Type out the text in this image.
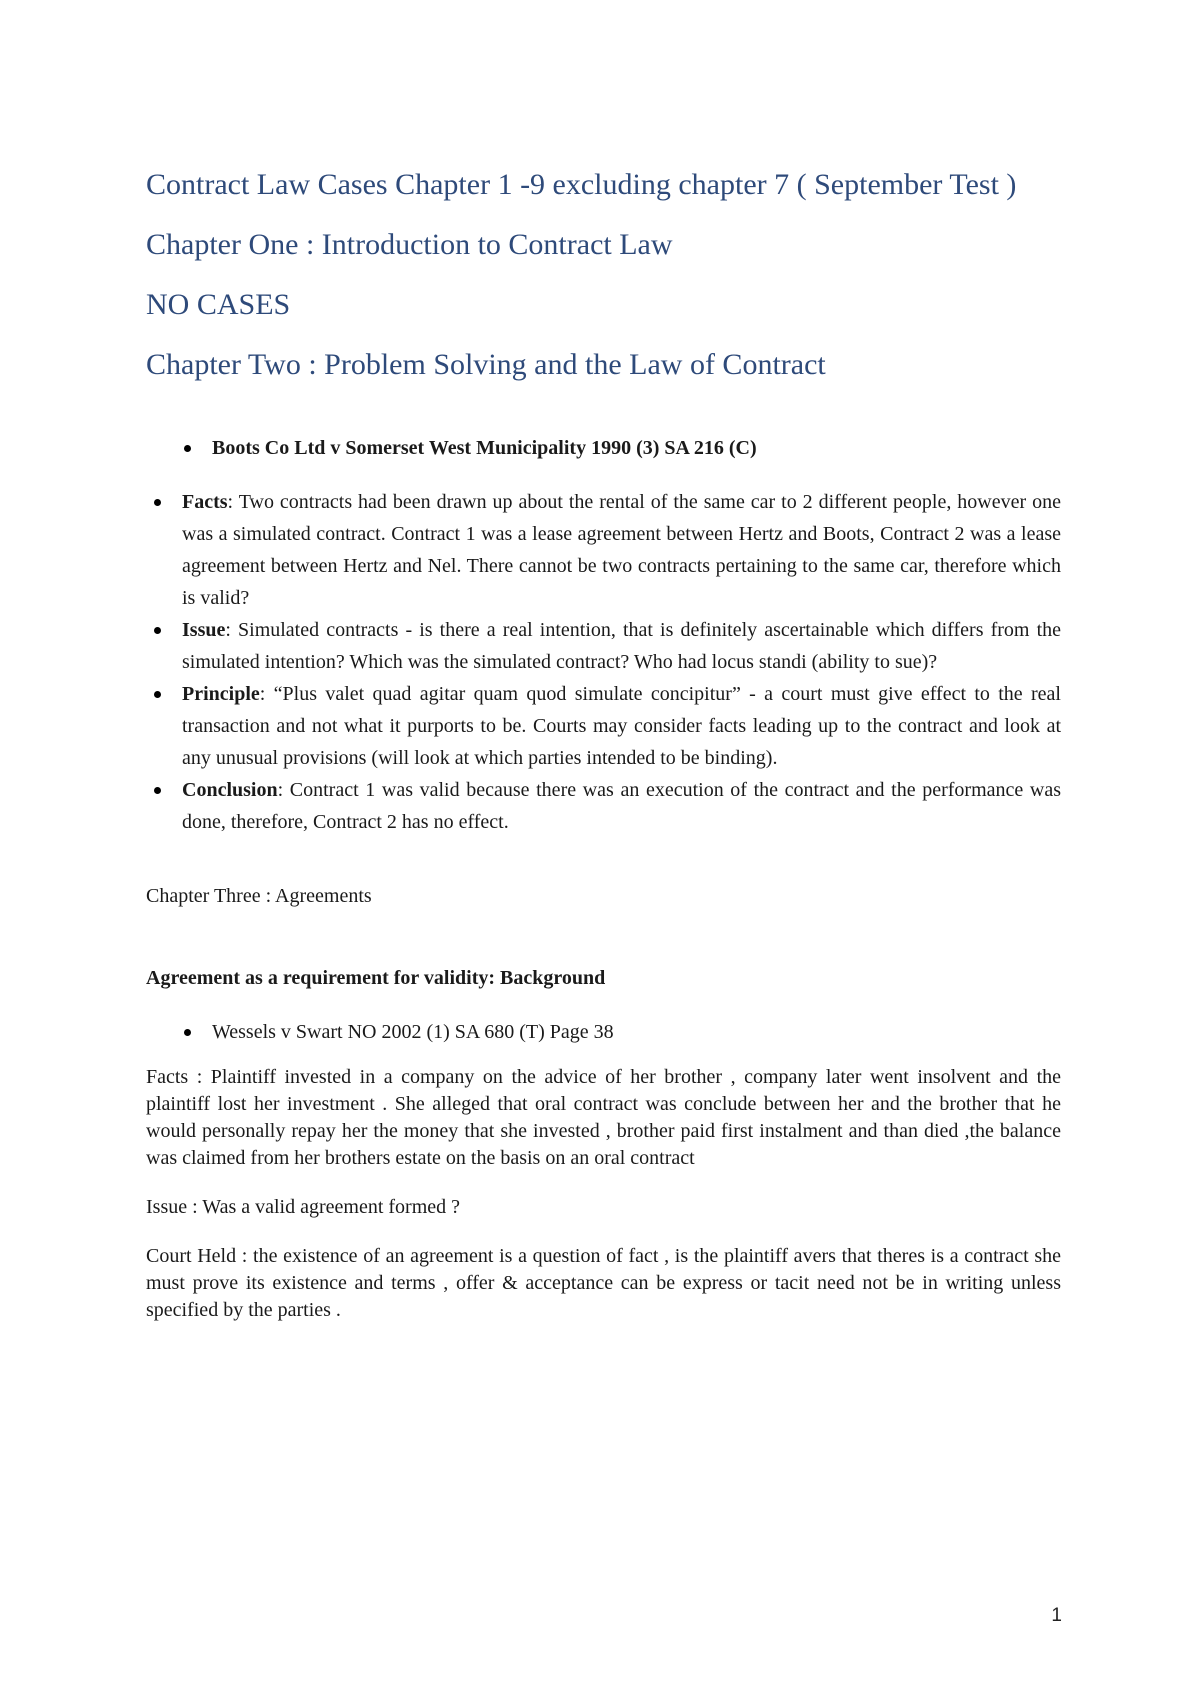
Contract Law Cases Chapter 1 -9 excluding chapter 7 ( September Test )
Chapter One : Introduction to Contract Law
NO CASES
Chapter Two : Problem Solving and the Law of Contract
Boots Co Ltd v Somerset West Municipality 1990 (3) SA 216 (C)
Facts: Two contracts had been drawn up about the rental of the same car to 2 different people, however one was a simulated contract. Contract 1 was a lease agreement between Hertz and Boots, Contract 2 was a lease agreement between Hertz and Nel. There cannot be two contracts pertaining to the same car, therefore which is valid?
Issue: Simulated contracts - is there a real intention, that is definitely ascertainable which differs from the simulated intention? Which was the simulated contract? Who had locus standi (ability to sue)?
Principle: “Plus valet quad agitar quam quod simulate concipitur” - a court must give effect to the real transaction and not what it purports to be. Courts may consider facts leading up to the contract and look at any unusual provisions (will look at which parties intended to be binding).
Conclusion: Contract 1 was valid because there was an execution of the contract and the performance was done, therefore, Contract 2 has no effect.

Chapter Three : Agreements

Agreement as a requirement for validity: Background

Wessels v Swart NO 2002 (1) SA 680 (T) Page 38

Facts : Plaintiff invested in a company on the advice of her brother , company later went insolvent and the plaintiff lost her investment . She alleged that oral contract was conclude between her and the brother that he would personally repay her the money that she invested , brother paid first instalment and than died ,the balance was claimed from her brothers estate on the basis on an oral contract

Issue : Was a valid agreement formed ?

Court Held : the existence of an agreement is a question of fact , is the plaintiff avers that theres is a contract she must prove its existence and terms , offer & acceptance can be express or tacit need not be in writing unless specified by the parties .

1
